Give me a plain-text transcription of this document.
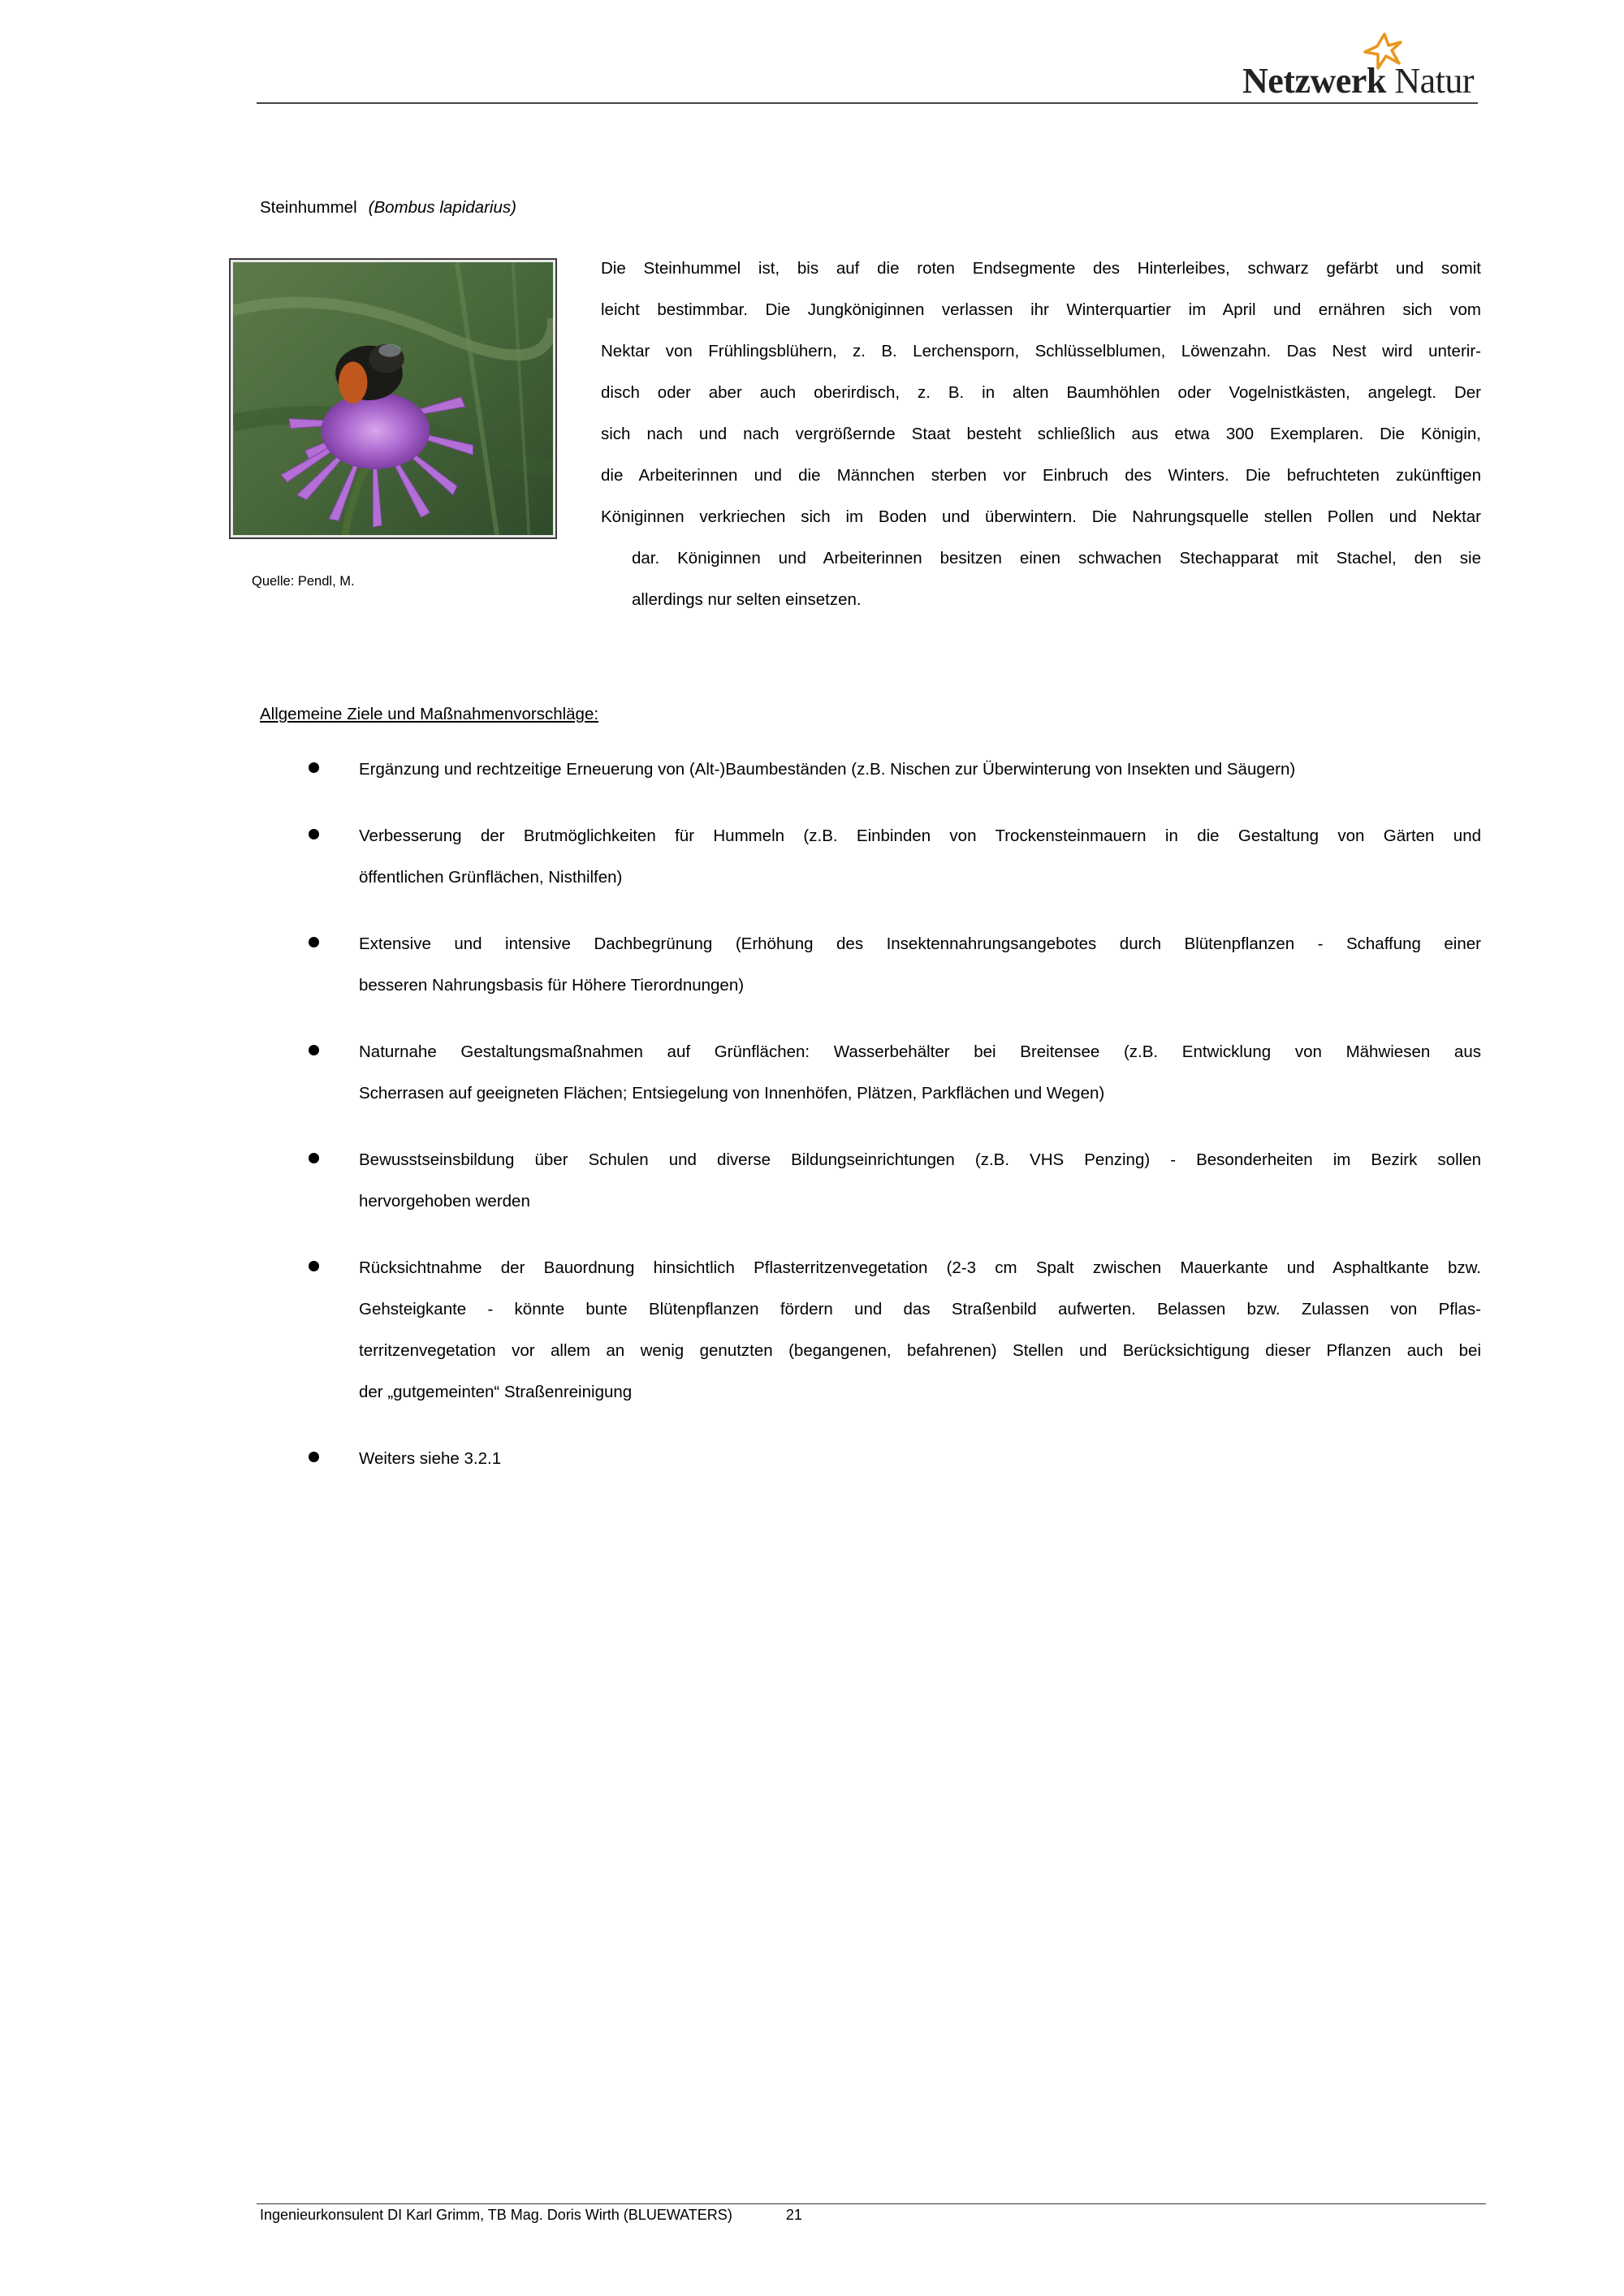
Netzwerk Natur
Steinhummel (Bombus lapidarius)
Quelle: Pendl, M.
Die Steinhummel ist, bis auf die roten Endsegmente des Hinterleibes, schwarz gefärbt und somit
leicht bestimmbar. Die Jungköniginnen verlassen ihr Winterquartier im April und ernähren sich vom
Nektar von Frühlingsblühern, z. B. Lerchensporn, Schlüsselblumen, Löwenzahn. Das Nest wird unterir-
disch oder aber auch oberirdisch, z. B. in alten Baumhöhlen oder Vogelnistkästen, angelegt. Der
sich nach und nach vergrößernde Staat besteht schließlich aus etwa 300 Exemplaren. Die Königin,
die Arbeiterinnen und die Männchen sterben vor Einbruch des Winters. Die befruchteten zukünftigen
Königinnen verkriechen sich im Boden und überwintern. Die Nahrungsquelle stellen Pollen und Nektar
dar. Königinnen und Arbeiterinnen besitzen einen schwachen Stechapparat mit Stachel, den sie
allerdings nur selten einsetzen.
Allgemeine Ziele und Maßnahmenvorschläge:
Ergänzung und rechtzeitige Erneuerung von (Alt-)Baumbeständen (z.B. Nischen zur Überwinterung von Insekten und Säugern)
Verbesserung der Brutmöglichkeiten für Hummeln (z.B. Einbinden von Trockensteinmauern in die Gestaltung von Gärten und
öffentlichen Grünflächen, Nisthilfen)
Extensive und intensive Dachbegrünung (Erhöhung des Insektennahrungsangebotes durch Blütenpflanzen - Schaffung einer
besseren Nahrungsbasis für Höhere Tierordnungen)
Naturnahe Gestaltungsmaßnahmen auf Grünflächen: Wasserbehälter bei Breitensee (z.B. Entwicklung von Mähwiesen aus
Scherrasen auf geeigneten Flächen; Entsiegelung von Innenhöfen, Plätzen, Parkflächen und Wegen)
Bewusstseinsbildung über Schulen und diverse Bildungseinrichtungen (z.B. VHS Penzing) - Besonderheiten im Bezirk sollen
hervorgehoben werden
Rücksichtnahme der Bauordnung hinsichtlich Pflasterritzenvegetation (2-3 cm Spalt zwischen Mauerkante und Asphaltkante bzw.
Gehsteigkante - könnte bunte Blütenpflanzen fördern und das Straßenbild aufwerten. Belassen bzw. Zulassen von Pflas-
territzenvegetation vor allem an wenig genutzten (begangenen, befahrenen) Stellen und Berücksichtigung dieser Pflanzen auch bei
der „gutgemeinten“ Straßenreinigung
Weiters siehe 3.2.1
Ingenieurkonsulent DI Karl Grimm, TB Mag. Doris Wirth (BLUEWATERS)	21
